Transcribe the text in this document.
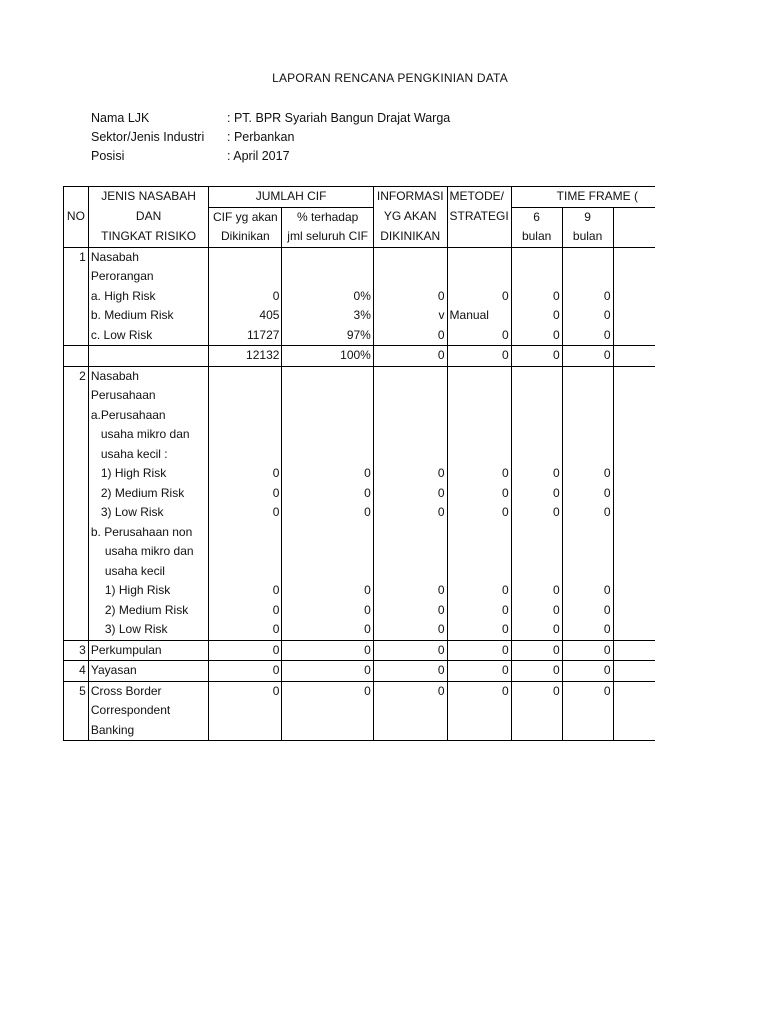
LAPORAN RENCANA PENGKINIAN DATA
Nama LJK	: PT. BPR Syariah Bangun Drajat Warga
Sektor/Jenis Industri : Perbankan
Posisi	: April 2017
NO	JENIS NASABAH	JUMLAH CIF		INFORMASI	METODE/	TIME FRAME (		
	DAN	CIF yg akan	% terhadap	YG AKAN	STRATEGI	6	9	
	TINGKAT RISIKO	Dikinikan	jml seluruh CIF	DIKINIKAN		bulan	bulan	
1	Nasabah							
	Perorangan							
	a. High Risk	0	0%	0	0	0	0	
	b. Medium Risk	405	3%	v	Manual	0	0	
	c. Low Risk	11727	97%	0	0	0	0	
		12132	100%	0	0	0	0	
2	Nasabah							
	Perusahaan							
	a.Perusahaan							
	usaha mikro dan							
	usaha kecil :							
	1) High Risk	0	0	0	0	0	0	
	2) Medium Risk	0	0	0	0	0	0	
	3) Low Risk	0	0	0	0	0	0	
	b. Perusahaan non							
	usaha mikro dan							
	usaha kecil							
	1) High Risk	0	0	0	0	0	0	
	2) Medium Risk	0	0	0	0	0	0	
	3) Low Risk	0	0	0	0	0	0	
3	Perkumpulan	0	0	0	0	0	0	
4	Yayasan	0	0	0	0	0	0	
5	Cross Border	0	0	0	0	0	0	
	Correspondent							
	Banking							
